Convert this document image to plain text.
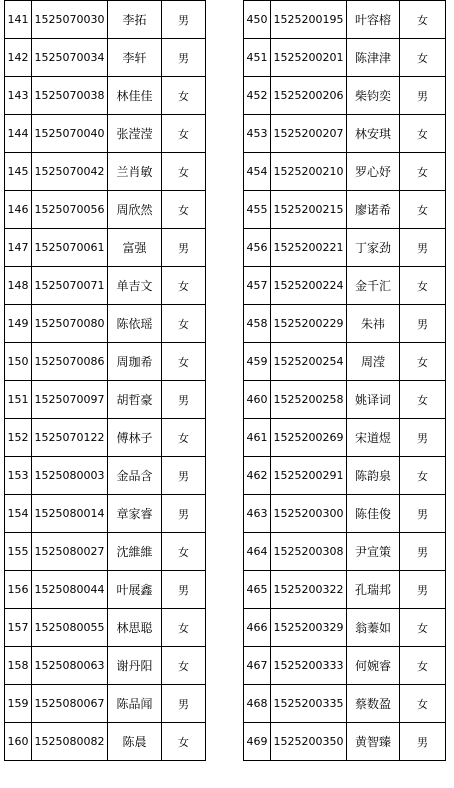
141	1525070030	李拓	男
142	1525070034	李轩	男
143	1525070038	林佳佳	女
144	1525070040	张滢滢	女
145	1525070042	兰肖敏	女
146	1525070056	周欣然	女
147	1525070061	富强	男
148	1525070071	单吉文	女
149	1525070080	陈依瑶	女
150	1525070086	周珈希	女
151	1525070097	胡哲豪	男
152	1525070122	傅林子	女
153	1525080003	金品含	男
154	1525080014	章家睿	男
155	1525080027	沈維維	女
156	1525080044	叶展鑫	男
157	1525080055	林思聪	女
158	1525080063	谢丹阳	女
159	1525080067	陈品闻	男
160	1525080082	陈晨	女
450	1525200195	叶容榕	女
451	1525200201	陈津津	女
452	1525200206	柴钧奕	男
453	1525200207	林安琪	女
454	1525200210	罗心妤	女
455	1525200215	廖诺希	女
456	1525200221	丁家劲	男
457	1525200224	金千汇	女
458	1525200229	朱祎	男
459	1525200254	周滢	女
460	1525200258	姚译词	女
461	1525200269	宋道煜	男
462	1525200291	陈韵泉	女
463	1525200300	陈佳俊	男
464	1525200308	尹宣策	男
465	1525200322	孔瑞邦	男
466	1525200329	翁蓁如	女
467	1525200333	何婉睿	女
468	1525200335	蔡数盈	女
469	1525200350	黄智臻	男
